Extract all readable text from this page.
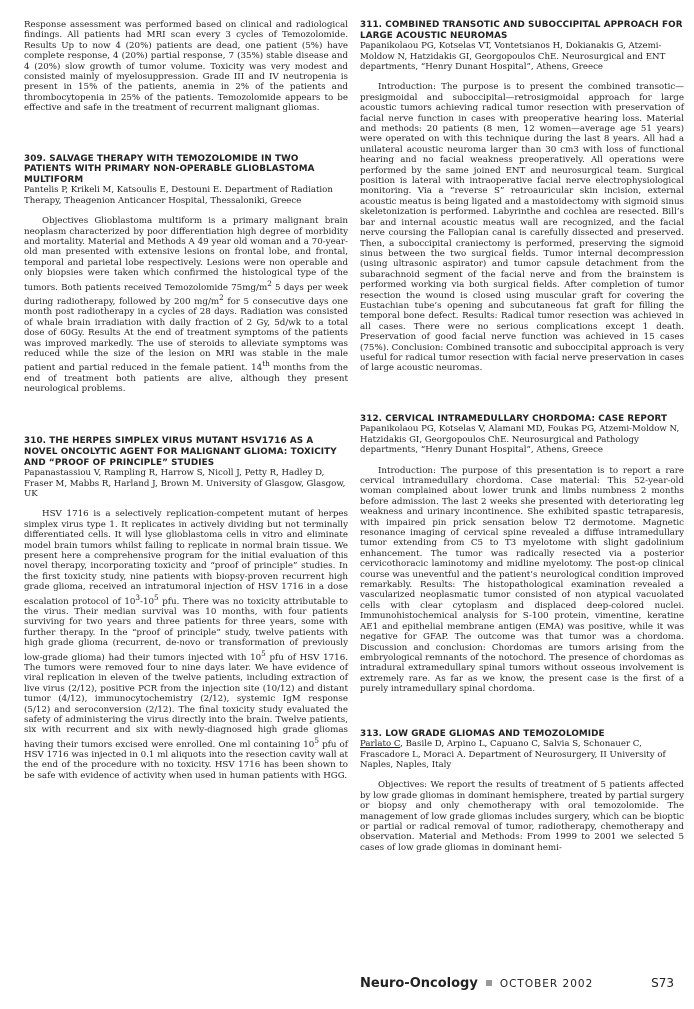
Response assessment was performed based on clinical and radiological findings. All patients had MRI scan every 3 cycles of Temozolomide. Results Up to now 4 (20%) patients are dead, one patient (5%) have complete response, 4 (20%) partial response, 7 (35%) stable disease and 4 (20%) slow growth of tumor volume. Toxicity was very modest and consisted mainly of myelosuppression. Grade III and IV neutropenia is present in 15% of the patients, anemia in 2% of the patients and thrombocytopenia in 25% of the patients. Temozolomide appears to be effective and safe in the treatment of recurrent malignant gliomas.

309. SALVAGE THERAPY WITH TEMOZOLOMIDE IN TWO PATIENTS WITH PRIMARY NON-OPERABLE GLIOBLASTOMA MULTIFORM

Pantelis P, Krikeli M, Katsoulis E, Destouni E. Department of Radiation Therapy, Theagenion Anticancer Hospital, Thessaloniki, Greece

Objectives Glioblastoma multiform is a primary malignant brain neoplasm characterized by poor differentiation high degree of morbidity and mortality. Material and Methods A 49 year old woman and a 70-year-old man presented with extensive lesions on frontal lobe, and frontal, temporal and parietal lobe respectively. Lesions were non operable and only biopsies were taken which confirmed the histological type of the tumors. Both patients received Temozolomide $75mg/m^2$ 5 days per week during radiotherapy, followed by 200 $mg/m^2$ for 5 consecutive days one month post radiotherapy in a cycles of 28 days. Radiation was consisted of whale brain irradiation with daily fraction of 2 Gy, 5d/wk to a total dose of 60Gy. Results At the end of treatment symptoms of the patients was improved markedly. The use of steroids to alleviate symptoms was reduced while the size of the lesion on MRI was stable in the male patient and partial reduced in the female patient. 14th months from the end of treatment both patients are alive, although they present neurological problems.

310. THE HERPES SIMPLEX VIRUS MUTANT HSV1716 AS A NOVEL ONCOLYTIC AGENT FOR MALIGNANT GLIOMA: TOXICITY AND “PROOF OF PRINCIPLE” STUDIES

Papanastassiou V, Rampling R, Harrow S, Nicoll J, Petty R, Hadley D, Fraser M, Mabbs R, Harland J, Brown M. University of Glasgow, Glasgow, UK

HSV 1716 is a selectively replication-competent mutant of herpes simplex virus type 1. It replicates in actively dividing but not terminally differentiated cells. It will lyse glioblastoma cells in vitro and eliminate model brain tumors whilst failing to replicate in normal brain tissue. We present here a comprehensive program for the initial evaluation of this novel therapy, incorporating toxicity and “proof of principle” studies. In the first toxicity study, nine patients with biopsy-proven recurrent high grade glioma, received an intratumoral injection of HSV 1716 in a dose escalation protocol of $10^3-10^5$ pfu. There was no toxicity attributable to the virus. Their median survival was 10 months, with four patients surviving for two years and three patients for three years, some with further therapy. In the “proof of principle” study, twelve patients with high grade glioma (recurrent, de-novo or transformation of previously low-grade glioma) had their tumors injected with $10^5$ pfu of HSV 1716. The tumors were removed four to nine days later. We have evidence of viral replication in eleven of the twelve patients, including extraction of live virus (2/12), positive PCR from the injection site (10/12) and distant tumor (4/12), immunocytochemistry (2/12), systemic IgM response (5/12) and seroconversion (2/12). The final toxicity study evaluated the safety of administering the virus directly into the brain. Twelve patients, six with recurrent and six with newly-diagnosed high grade gliomas having their tumors excised were enrolled. One ml containing $10^5$ pfu of HSV 1716 was injected in 0.1 ml aliquots into the resection cavity wall at the end of the procedure with no toxicity. HSV 1716 has been shown to be safe with evidence of activity when used in human patients with HGG.

311. COMBINED TRANSOTIC AND SUBOCCIPITAL APPROACH FOR LARGE ACOUSTIC NEUROMAS

Papanikolaou PG, Kotselas VT, Vontetsianos H, Dokianakis G, Atzemi-Moldow N, Hatzidakis GI, Georgopoulos ChE. Neurosurgical and ENT departments, “Henry Dunant Hospital”, Athens, Greece

Introduction: The purpose is to present the combined transotic—presigmoidal and suboccipital—retrosigmoidal approach for large acoustic tumors achieving radical tumor resection with preservation of facial nerve function in cases with preoperative hearing loss. Material and methods: 20 patients (8 men, 12 women—average age 51 years) were operated on with this technique during the last 8 years. All had a unilateral acoustic neuroma larger than 30 cm3 with loss of functional hearing and no facial weakness preoperatively. All operations were performed by the same joined ENT and neurosurgical team. Surgical position is lateral with intraoperative facial nerve electrophysiological monitoring. Via a “reverse S” retroauricular skin incision, external acoustic meatus is being ligated and a mastoidectomy with sigmoid sinus skeletonization is performed. Labyrinthe and cochlea are resected. Bill’s bar and internal acoustic meatus wall are recognized, and the facial nerve coursing the Fallopian canal is carefully dissected and preserved. Then, a suboccipital craniectomy is performed, preserving the sigmoid sinus between the two surgical fields. Tumor internal decompression (using ultrasonic aspirator) and tumor capsule detachment from the subarachnoid segment of the facial nerve and from the brainstem is performed working via both surgical fields. After completion of tumor resection the wound is closed using muscular graft for covering the Eustachian tube’s opening and subcutaneous fat graft for filling the temporal bone defect. Results: Radical tumor resection was achieved in all cases. There were no serious complications except 1 death. Preservation of good facial nerve function was achieved in 15 cases (75%). Conclusion: Combined transotic and suboccipital approach is very useful for radical tumor resection with facial nerve preservation in cases of large acoustic neuromas.

312. CERVICAL INTRAMEDULLARY CHORDOMA: CASE REPORT

Papanikolaou PG, Kotselas V, Alamani MD, Foukas PG, Atzemi-Moldow N, Hatzidakis GI, Georgopoulos ChE. Neurosurgical and Pathology departments, “Henry Dunant Hospital”, Athens, Greece

Introduction: The purpose of this presentation is to report a rare cervical intramedullary chordoma. Case material: This 52-year-old woman complained about lower trunk and limbs numbness 2 months before admission. The last 2 weeks she presented with deteriorating leg weakness and urinary incontinence. She exhibited spastic tetraparesis, with impaired pin prick sensation below T2 dermotome. Magnetic resonance imaging of cervical spine revealed a diffuse intramedullary tumor extending from C5 to T3 myelotome with slight gadolinium enhancement. The tumor was radically resected via a posterior cervicothoracic laminotomy and midline myelotomy. The post-op clinical course was uneventful and the patient’s neurological condition improved remarkably. Results: The histopathological examination revealed a vascularized neoplasmatic tumor consisted of non atypical vacuolated cells with clear cytoplasm and displaced deep-colored nuclei. Immunohistochemical analysis for S-100 protein, vimentine, keratine AE1 and epithelial membrane antigen (EMA) was positive, while it was negative for GFAP. The outcome was that tumor was a chordoma. Discussion and conclusion: Chordomas are tumors arising from the embryological remnants of the notochord. The presence of chordomas as intradural extramedullary spinal tumors without osseous involvement is extremely rare. As far as we know, the present case is the first of a purely intramedullary spinal chordoma.

313. LOW GRADE GLIOMAS AND TEMOZOLOMIDE

Parlato C, Basile D, Arpino L, Capuano C, Salvia S, Schonauer C, Frascadore L, Moraci A. Department of Neurosurgery, II University of Naples, Naples, Italy

Objectives: We report the results of treatment of 5 patients affected by low grade gliomas in dominant hemisphere, treated by partial surgery or biopsy and only chemotherapy with oral temozolomide. The management of low grade gliomas includes surgery, which can be bioptic or partial or radical removal of tumor, radiotherapy, chemotherapy and observation. Material and Methods: From 1999 to 2001 we selected 5 cases of low grade gliomas in dominant hemi-

Neuro-Oncology OCTOBER 2002	S73
